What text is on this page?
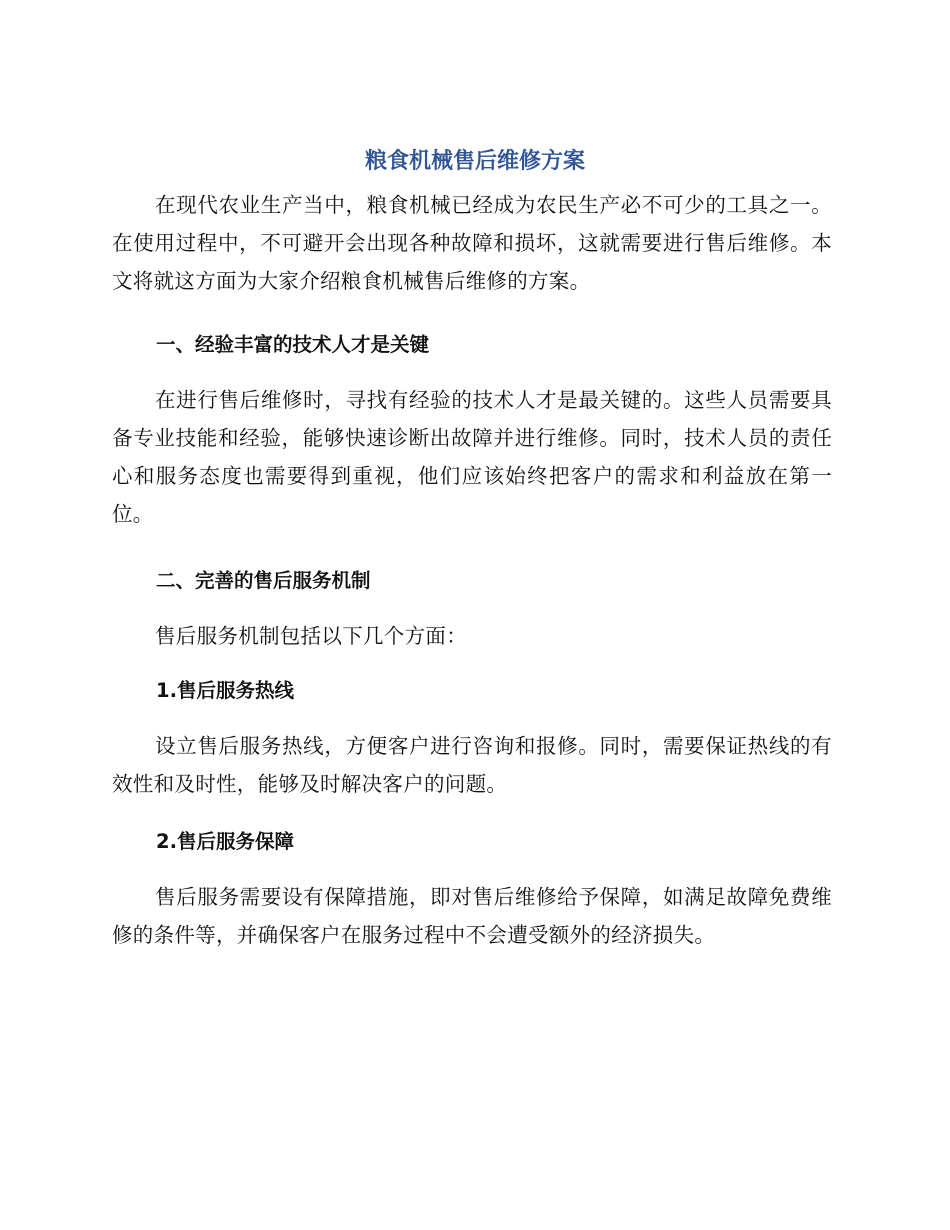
粮食机械售后维修方案

在现代农业生产当中，粮食机械已经成为农民生产必不可少的工具之一。在使用过程中，不可避开会出现各种故障和损坏，这就需要进行售后维修。本文将就这方面为大家介绍粮食机械售后维修的方案。

一、经验丰富的技术人才是关键

在进行售后维修时，寻找有经验的技术人才是最关键的。这些人员需要具备专业技能和经验，能够快速诊断出故障并进行维修。同时，技术人员的责任心和服务态度也需要得到重视，他们应该始终把客户的需求和利益放在第一位。

二、完善的售后服务机制

售后服务机制包括以下几个方面：

1.售后服务热线

设立售后服务热线，方便客户进行咨询和报修。同时，需要保证热线的有效性和及时性，能够及时解决客户的问题。

2.售后服务保障

售后服务需要设有保障措施，即对售后维修给予保障，如满足故障免费维修的条件等，并确保客户在服务过程中不会遭受额外的经济损失。
